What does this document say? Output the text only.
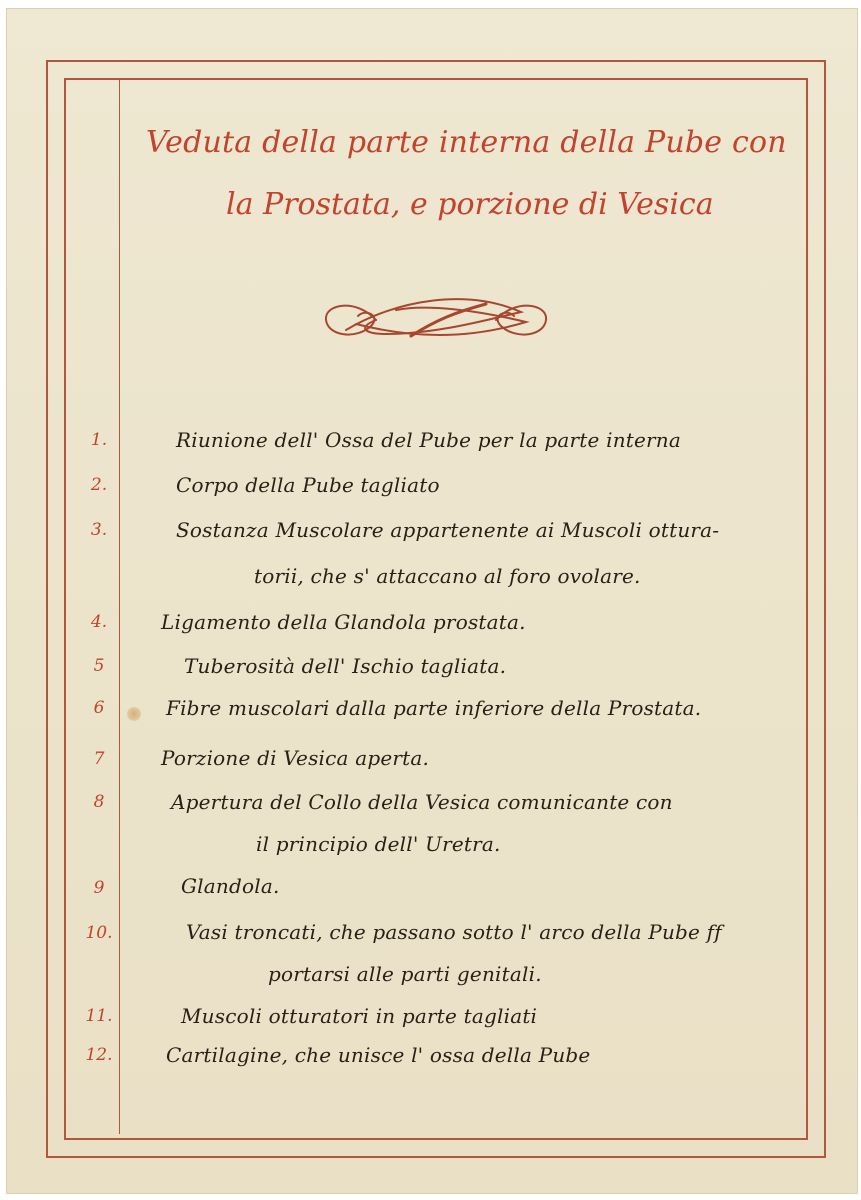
Veduta della parte interna della Pube con
la Prostata, e porzione di Vesica
1.
2.
3.
4.
5
6
7
8
9
10.
11.
12.
Riunione dell' Ossa del Pube per la parte interna
Corpo della Pube tagliato
Sostanza Muscolare appartenente ai Muscoli ottura-
torii, che s' attaccano al foro ovolare.
Ligamento della Glandola prostata.
Tuberosità dell' Ischio tagliata.
Fibre muscolari dalla parte inferiore della Prostata.
Porzione di Vesica aperta.
Apertura del Collo della Vesica comunicante con
il principio dell' Uretra.
Glandola.
Vasi troncati, che passano sotto l' arco della Pube ff
portarsi alle parti genitali.
Muscoli otturatori in parte tagliati
Cartilagine, che unisce l' ossa della Pube
